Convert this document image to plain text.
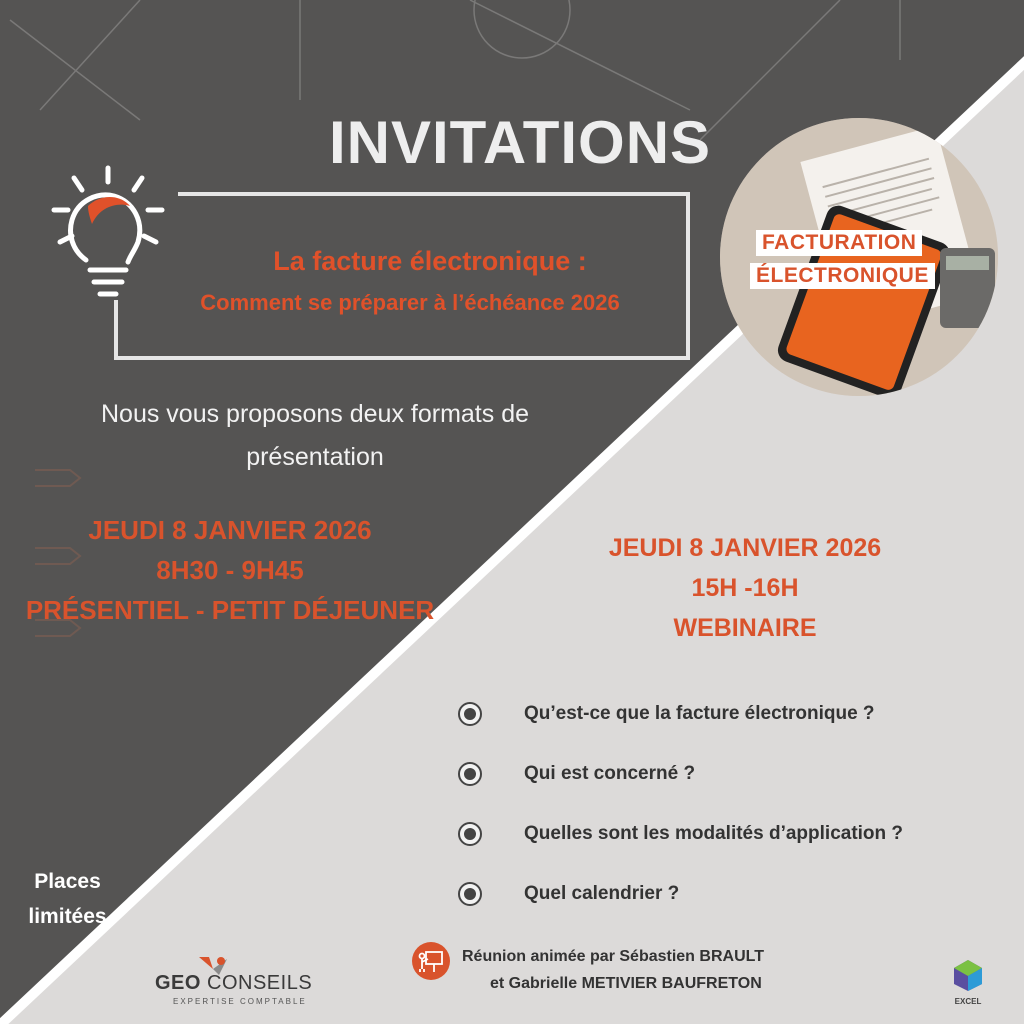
INVITATIONS
La facture électronique :
Comment se préparer à l’échéance 2026
FACTURATION
ÉLECTRONIQUE
Nous vous proposons deux formats de
présentation
JEUDI 8 JANVIER 2026
8H30 - 9H45
PRÉSENTIEL - PETIT DÉJEUNER
JEUDI 8 JANVIER 2026
15H -16H
WEBINAIRE
Qu’est-ce que la facture électronique ?
Qui est concerné ?
Quelles sont les modalités d’application ?
Quel calendrier ?
Places
limitées
GEO CONSEILS
EXPERTISE COMPTABLE
Réunion animée par Sébastien BRAULT
et Gabrielle METIVIER BAUFRETON
EXCEL
